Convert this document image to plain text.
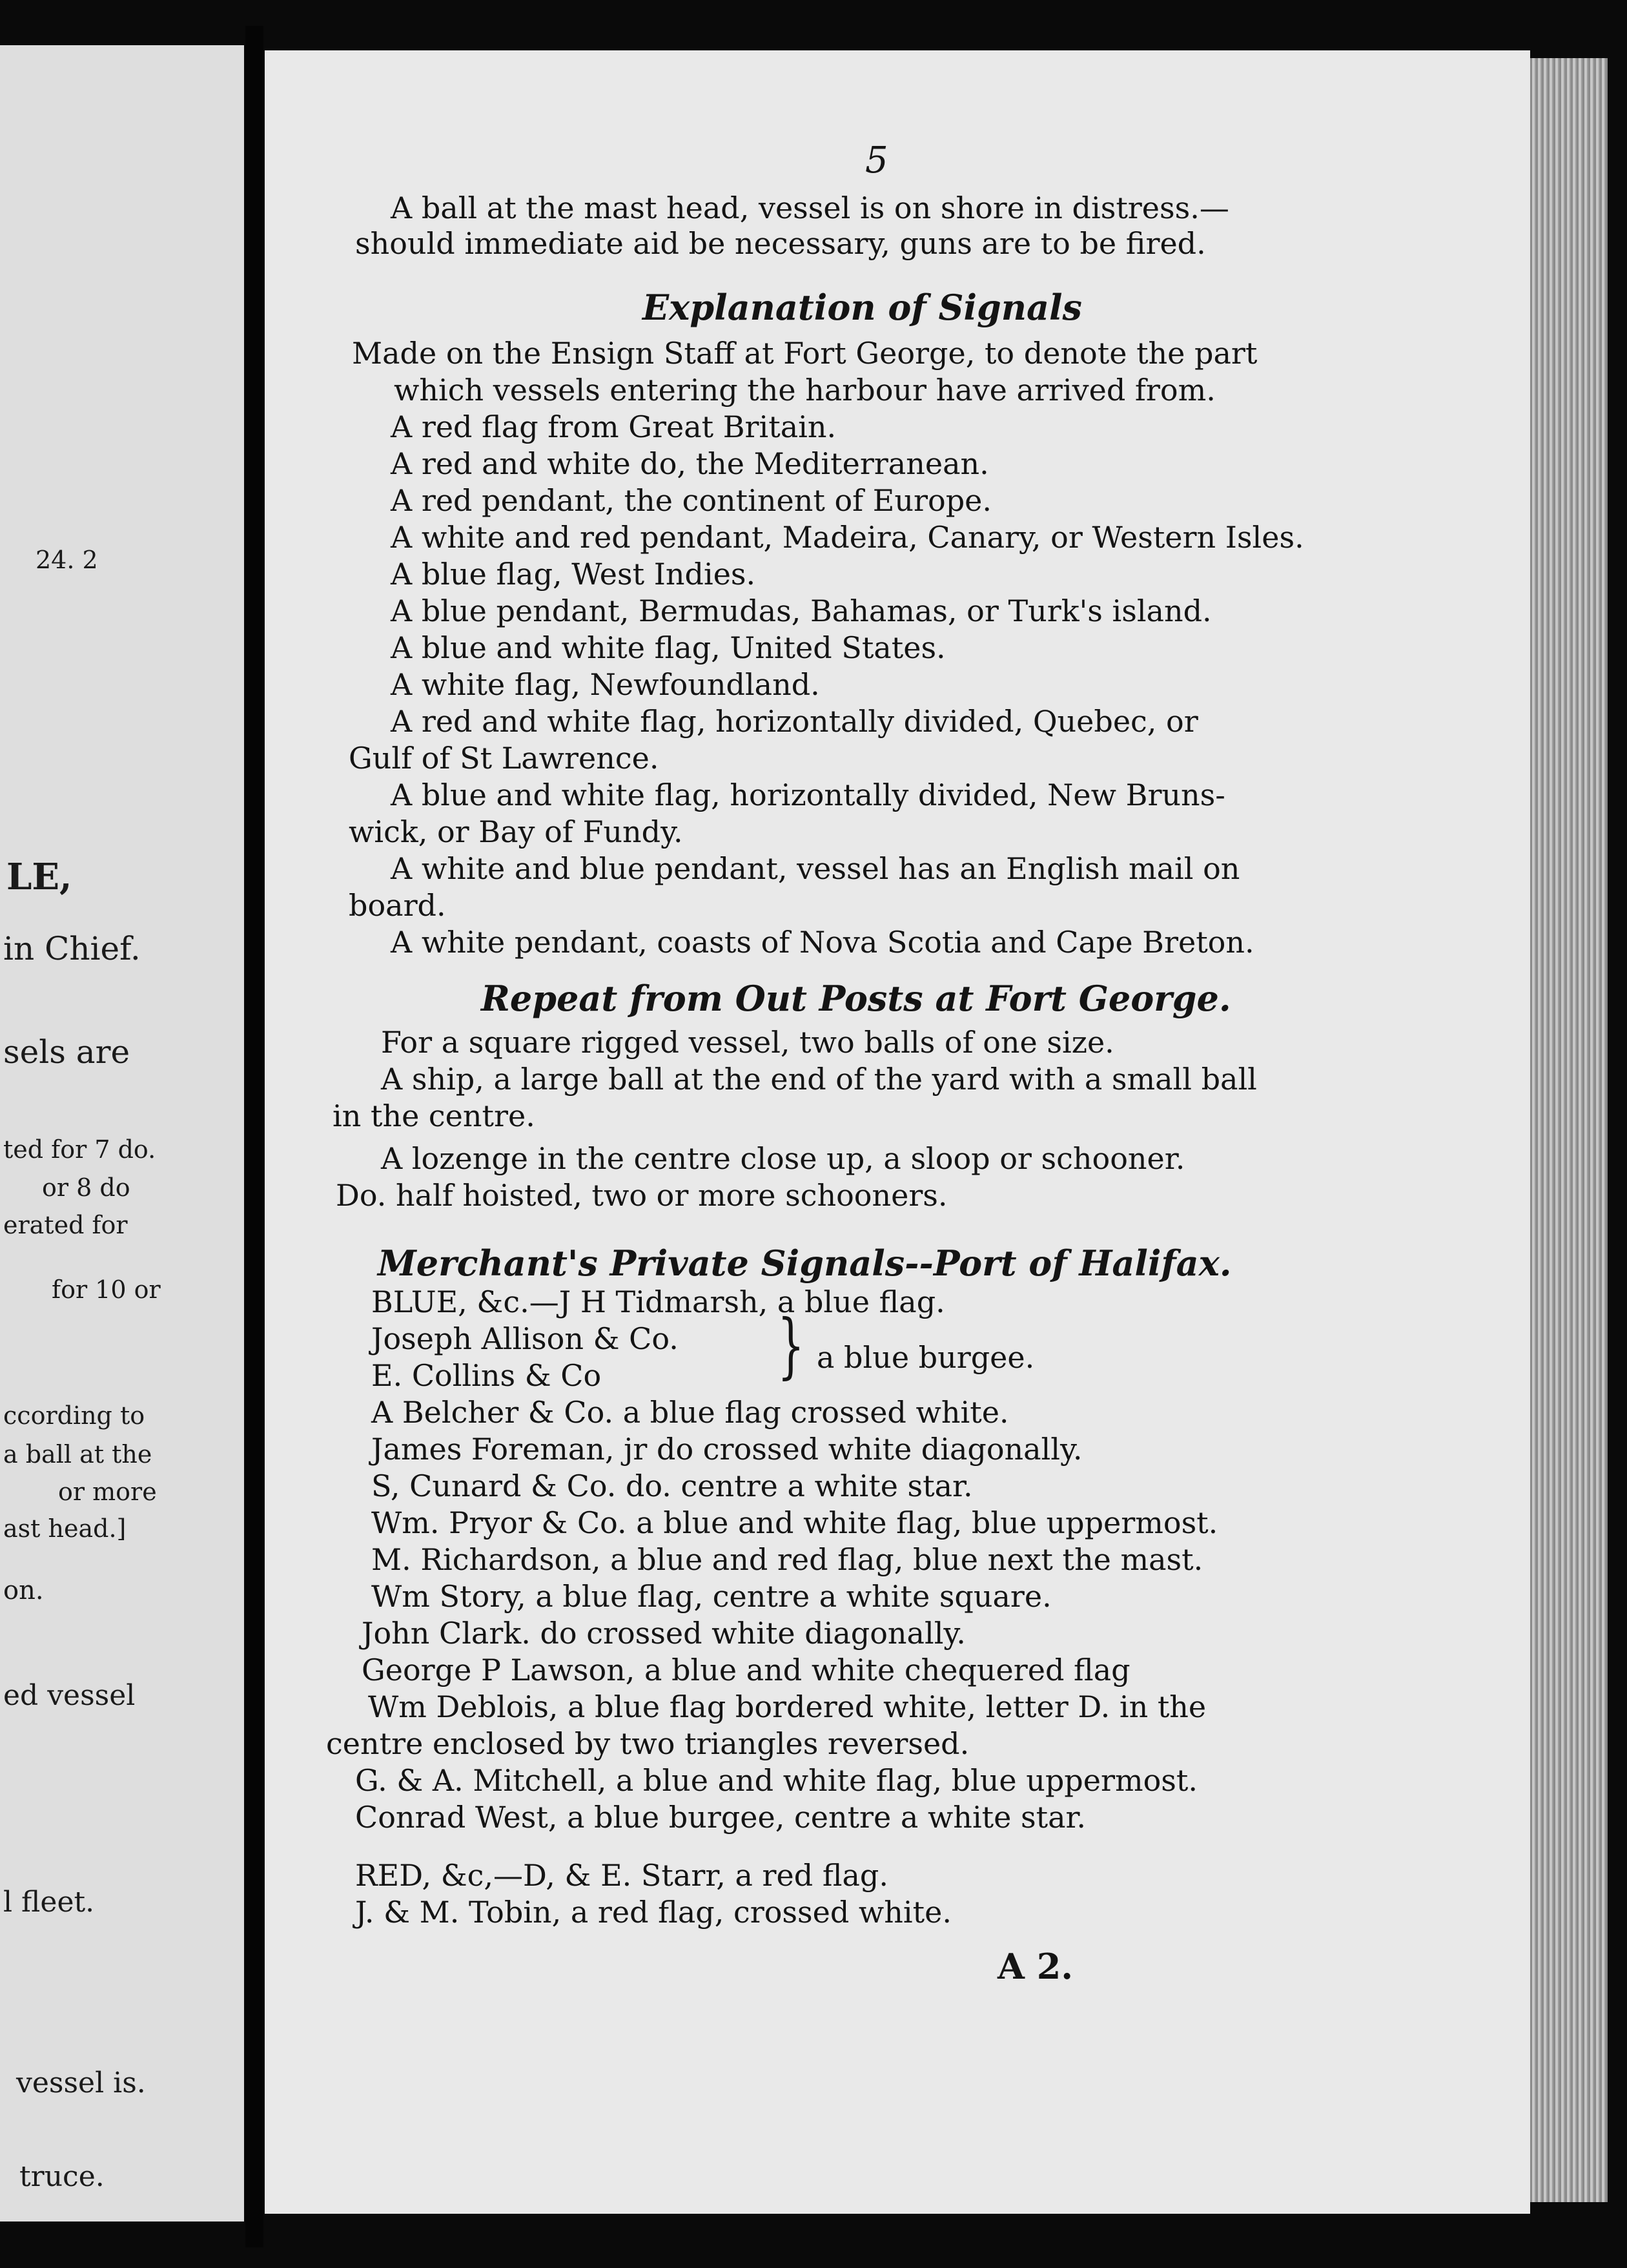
24. 2
LE,
in Chief.
sels are
ted for 7 do.
or 8 do
erated for
for 10 or
ccording to
a ball at the
or more
ast head.]
on.
ed vessel
l fleet.
vessel is.
truce.
5
A ball at the mast head, vessel is on shore in distress.—
should immediate aid be necessary, guns are to be fired.
Explanation of Signals
Made on the Ensign Staff at Fort George, to denote the part
which vessels entering the harbour have arrived from.
A red flag from Great Britain.
A red and white do, the Mediterranean.
A red pendant, the continent of Europe.
A white and red pendant, Madeira, Canary, or Western Isles.
A blue flag, West Indies.
A blue pendant, Bermudas, Bahamas, or Turk's island.
A blue and white flag, United States.
A white flag, Newfoundland.
A red and white flag, horizontally divided, Quebec, or
Gulf of St Lawrence.
A blue and white flag, horizontally divided, New Bruns-
wick, or Bay of Fundy.
A white and blue pendant, vessel has an English mail on
board.
A white pendant, coasts of Nova Scotia and Cape Breton.
Repeat from Out Posts at Fort George.
For a square rigged vessel, two balls of one size.
A ship, a large ball at the end of the yard with a small ball
in the centre.
A lozenge in the centre close up, a sloop or schooner.
Do. half hoisted, two or more schooners.
Merchant's Private Signals--Port of Halifax.
BLUE, &c.—J H Tidmarsh, a blue flag.
Joseph Allison & Co.
E. Collins & Co } a blue burgee.
A Belcher & Co. a blue flag crossed white.
James Foreman, jr do crossed white diagonally.
S, Cunard & Co. do. centre a white star.
Wm. Pryor & Co. a blue and white flag, blue uppermost.
M. Richardson, a blue and red flag, blue next the mast.
Wm Story, a blue flag, centre a white square.
John Clark. do crossed white diagonally.
George P Lawson, a blue and white chequered flag
Wm Deblois, a blue flag bordered white, letter D. in the
centre enclosed by two triangles reversed.
G. & A. Mitchell, a blue and white flag, blue uppermost.
Conrad West, a blue burgee, centre a white star.
RED, &c,—D, & E. Starr, a red flag.
J. & M. Tobin, a red flag, crossed white.
A 2.
